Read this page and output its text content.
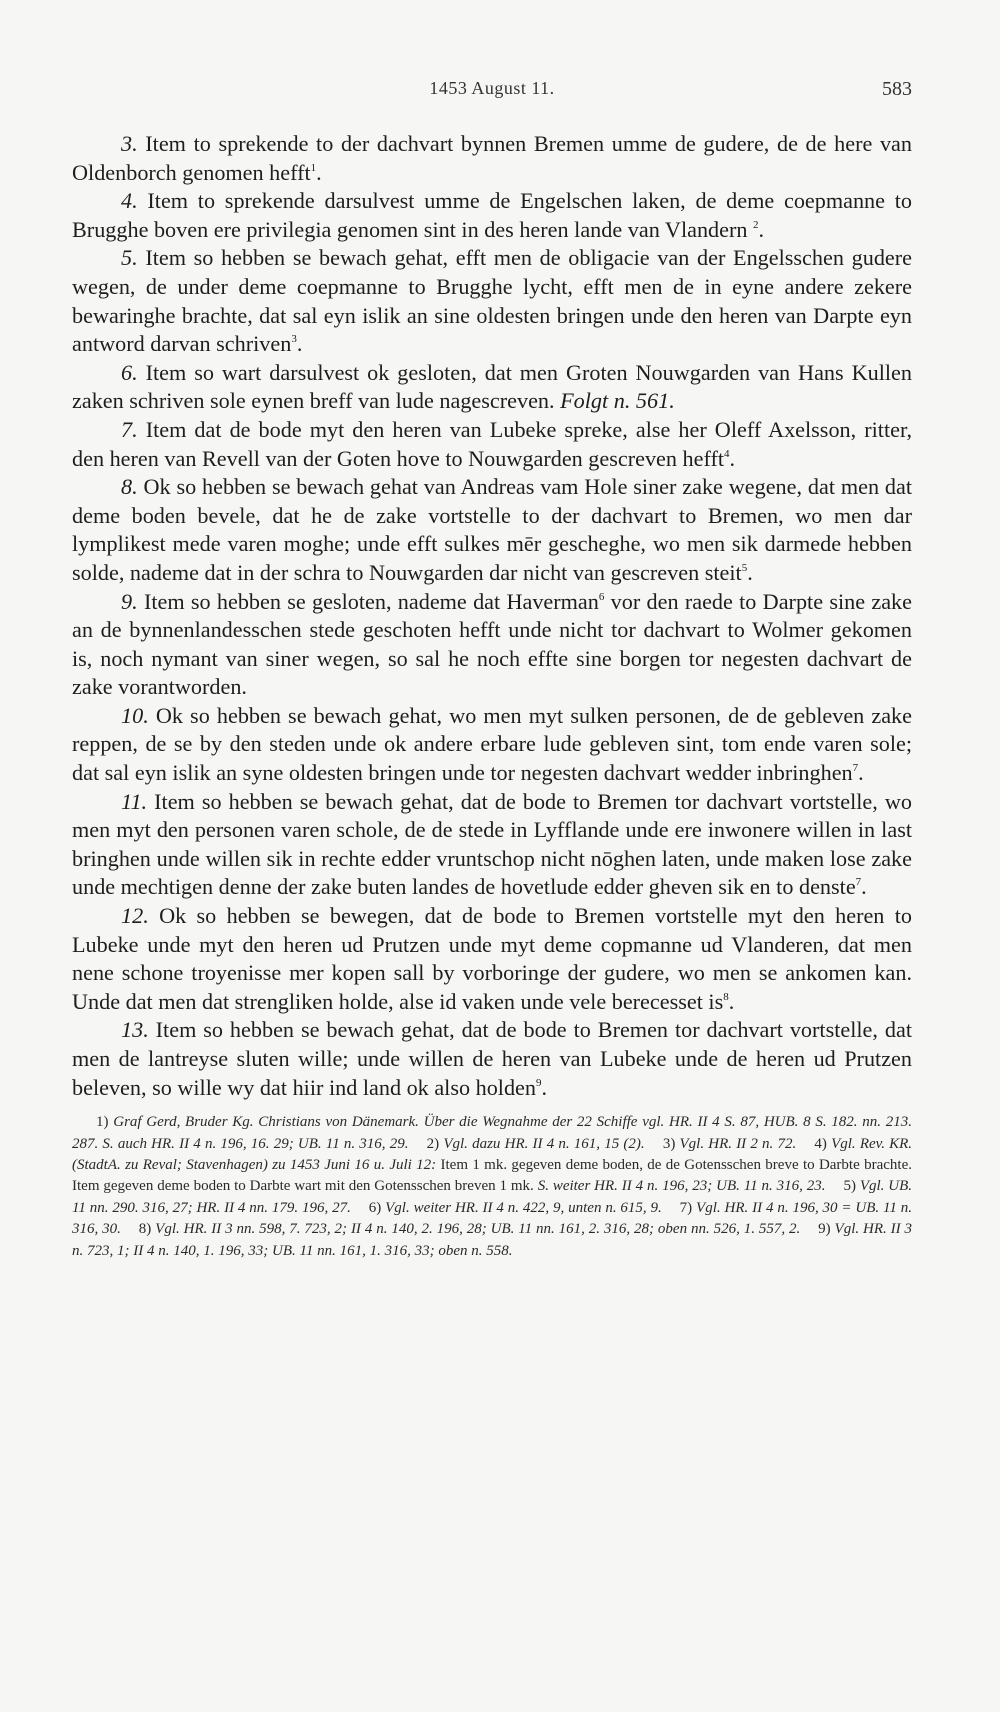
1453 August 11.	583

3. Item to sprekende to der dachvart bynnen Bremen umme de gudere, de de here van Oldenborch genomen hefft$^1$.

4. Item to sprekende darsulvest umme de Engelschen laken, de deme coepmanne to Brugghe boven ere privilegia genomen sint in des heren lande van Vlandern $^2$.

5. Item so hebben se bewach gehat, efft men de obligacie van der Engelsschen gudere wegen, de under deme coepmanne to Brugghe lycht, efft men de in eyne andere zekere bewaringhe brachte, dat sal eyn islik an sine oldesten bringen unde den heren van Darpte eyn antword darvan schriven$^3$.

6. Item so wart darsulvest ok gesloten, dat men Groten Nouwgarden van Hans Kullen zaken schriven sole eynen breff van lude nagescreven. Folgt n. 561.

7. Item dat de bode myt den heren van Lubeke spreke, alse her Oleff Axelsson, ritter, den heren van Revell van der Goten hove to Nouwgarden gescreven hefft$^4$.

8. Ok so hebben se bewach gehat van Andreas vam Hole siner zake wegene, dat men dat deme boden bevele, dat he de zake vortstelle to der dachvart to Bremen, wo men dar lymplikest mede varen moghe; unde efft sulkes mēr gescheghe, wo men sik darmede hebben solde, nademe dat in der schra to Nouwgarden dar nicht van gescreven steit$^5$.

9. Item so hebben se gesloten, nademe dat Haverman$^6$ vor den raede to Darpte sine zake an de bynnenlandesschen stede geschoten hefft unde nicht tor dachvart to Wolmer gekomen is, noch nymant van siner wegen, so sal he noch effte sine borgen tor negesten dachvart de zake vorantworden.

10. Ok so hebben se bewach gehat, wo men myt sulken personen, de de gebleven zake reppen, de se by den steden unde ok andere erbare lude gebleven sint, tom ende varen sole; dat sal eyn islik an syne oldesten bringen unde tor negesten dachvart wedder inbringhen$^7$.

11. Item so hebben se bewach gehat, dat de bode to Bremen tor dachvart vortstelle, wo men myt den personen varen schole, de de stede in Lyfflande unde ere inwonere willen in last bringhen unde willen sik in rechte edder vruntschop nicht nōghen laten, unde maken lose zake unde mechtigen denne der zake buten landes de hovetlude edder gheven sik en to denste$^7$.

12. Ok so hebben se bewegen, dat de bode to Bremen vortstelle myt den heren to Lubeke unde myt den heren ud Prutzen unde myt deme copmanne ud Vlanderen, dat men nene schone troyenisse mer kopen sall by vorboringe der gudere, wo men se ankomen kan. Unde dat men dat strengliken holde, alse id vaken unde vele berecesset $is^8$.

13. Item so hebben se bewach gehat, dat de bode to Bremen tor dachvart vortstelle, dat men de lantreyse sluten wille; unde willen de heren van Lubeke unde de heren ud Prutzen beleven, so wille wy dat hiir ind land ok also holden$^9$.

1) Graf Gerd, Bruder Kg. Christians von Dänemark. Über die Wegnahme der 22 Schiffe vgl. HR. II 4 S. 87, HUB. 8 S. 182. nn. 213. 287. S. auch HR. II 4 n. 196, 16. 29; UB. 11 n. 316, 29. 2) Vgl. dazu HR. II 4 n. 161, 15 (2). 3) Vgl. HR. II 2 n. 72. 4) Vgl. Rev. KR. (StadtA. zu Reval; Stavenhagen) zu 1453 Juni 16 u. Juli 12: Item 1 mk. gegeven deme boden, de de Gotensschen breve to Darbte brachte. Item gegeven deme boden to Darbte wart mit den Gotensschen breven 1 mk. S. weiter HR. II 4 n. 196, 23; UB. 11 n. 316, 23. 5) Vgl. UB. 11 nn. 290. 316, 27; HR. II 4 nn. 179. 196, 27. 6) Vgl. weiter HR. II 4 n. 422, 9, unten n. 615, 9. 7) Vgl. HR. II 4 n. 196, 30 = UB. 11 n. 316, 30. 8) Vgl. HR. II 3 nn. 598, 7. 723, 2; II 4 n. 140, 2. 196, 28; UB. 11 nn. 161, 2. 316, 28; oben nn. 526, 1. 557, 2. 9) Vgl. HR. II 3 n. 723, 1; II 4 n. 140, 1. 196, 33; UB. 11 nn. 161, 1. 316, 33; oben n. 558.
